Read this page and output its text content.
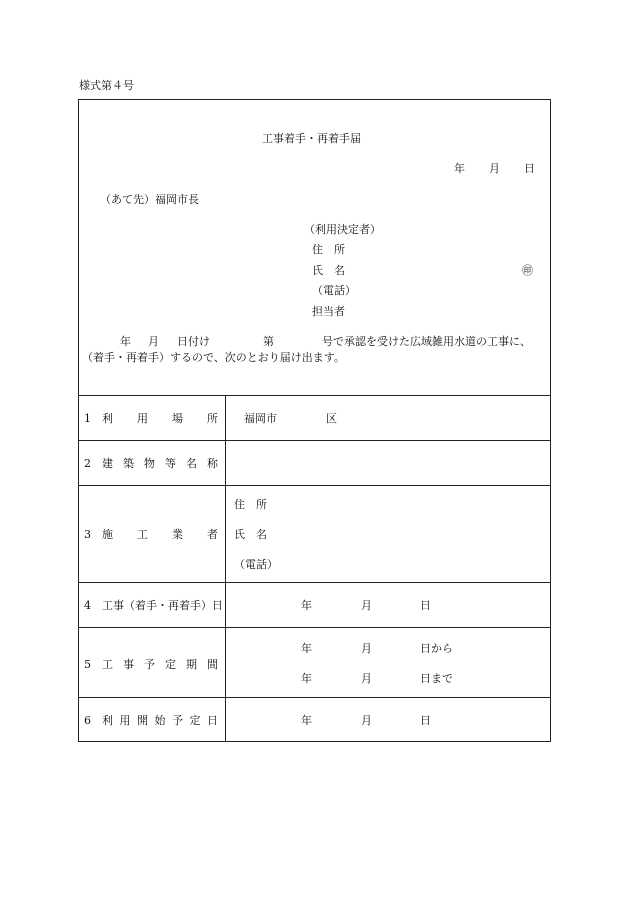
様式第４号
工事着手・再着手届
年 月 日
（あて先）福岡市長
（利用決定者）
住　所
氏　名	㊞
（電話）
担当者
年 月 日付け	第	号で承認を受けた広域雑用水道の工事に、
（着手・再着手）するので、次のとおり届け出ます。
1 利 用 場 所 福岡市	区
2 建 築 物 等 名 称
3 施 工 業 者
住　所
氏　名
（電話）
4 工事（着手・再着手）日	年	月	日
5 工 事 予 定 期 間
年	月	日から
年	月	日まで
6 利 用 開 始 予 定 日	年	月	日
